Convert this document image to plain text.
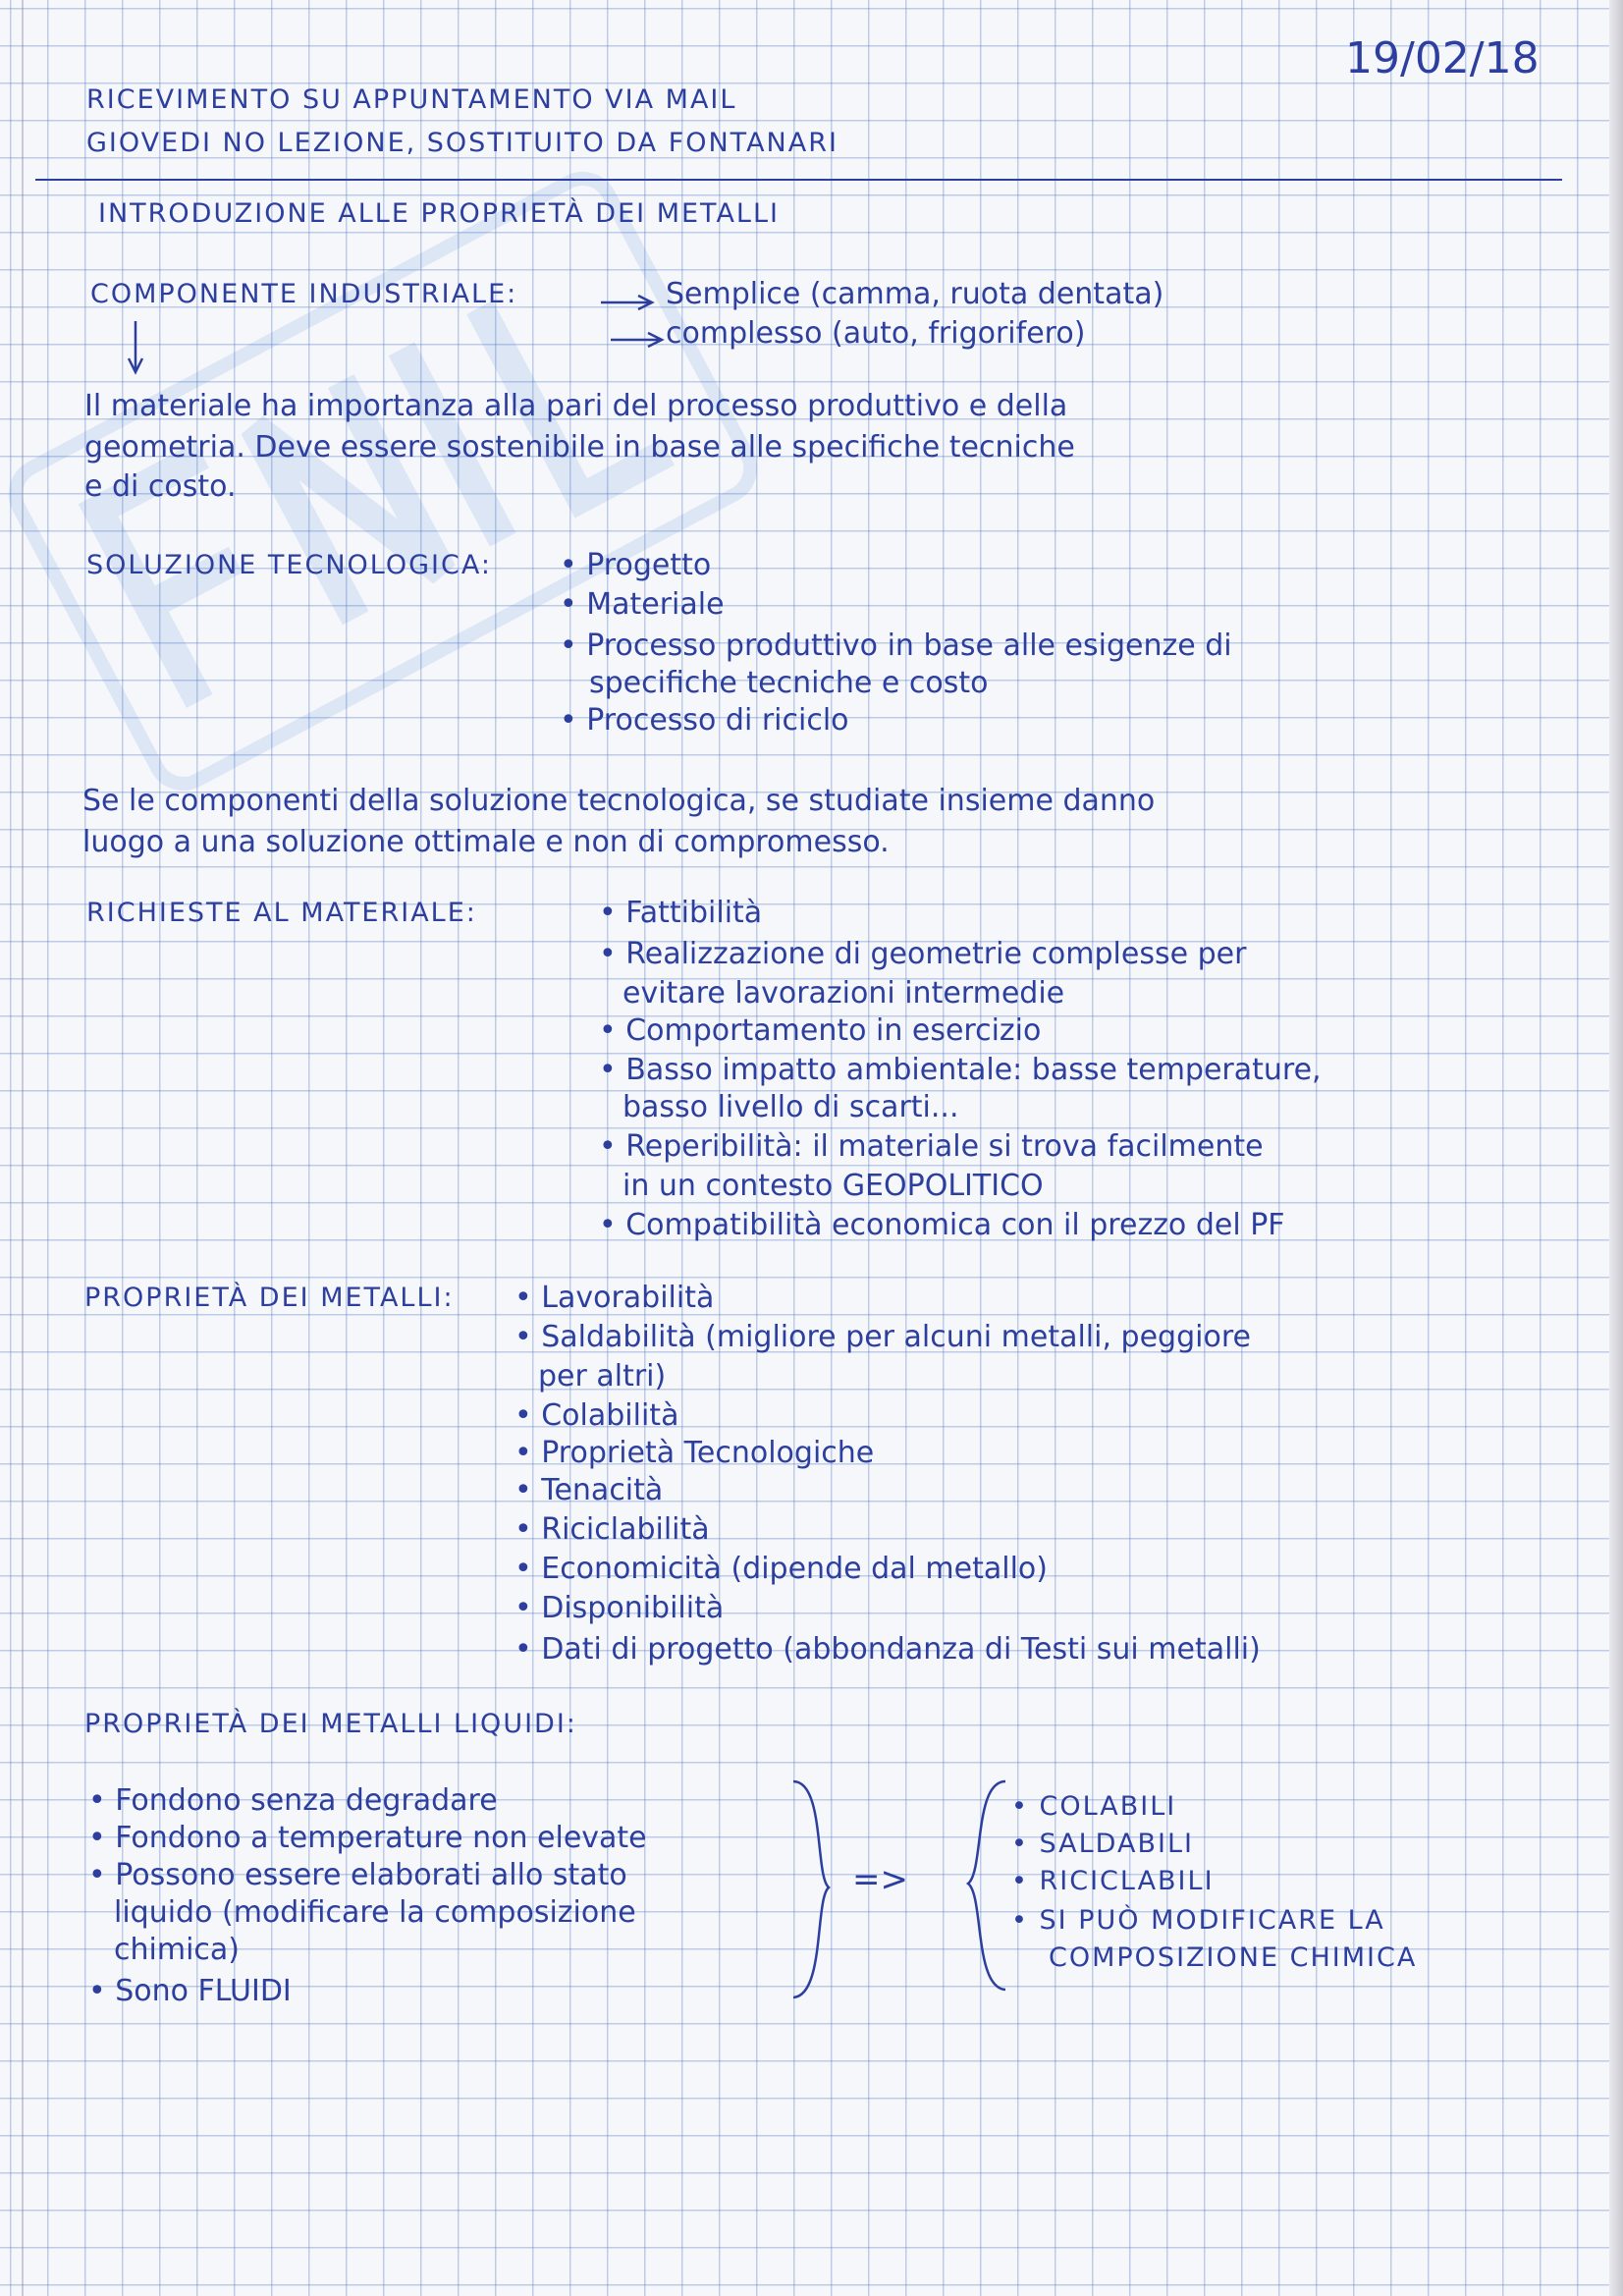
19/02/18
RICEVIMENTO SU APPUNTAMENTO VIA MAIL
GIOVEDI NO LEZIONE, SOSTITUITO DA FONTANARI
INTRODUZIONE ALLE PROPRIETÀ DEI METALLI
COMPONENTE INDUSTRIALE:	Semplice (camma, ruota dentata)
complesso (auto, frigorifero)
Il materiale ha importanza alla pari del processo produttivo e della
geometria. Deve essere sostenibile in base alle specifiche tecniche
e di costo.
SOLUZIONE TECNOLOGICA: • Progetto
• Materiale
• Processo produttivo in base alle esigenze di
specifiche tecniche e costo
• Processo di riciclo
Se le componenti della soluzione tecnologica, se studiate insieme danno
luogo a una soluzione ottimale e non di compromesso.
RICHIESTE AL MATERIALE:	• Fattibilità
• Realizzazione di geometrie complesse per
evitare lavorazioni intermedie
• Comportamento in esercizio
• Basso impatto ambientale: basse temperature,
basso livello di scarti...
• Reperibilità: il materiale si trova facilmente
in un contesto GEOPOLITICO
• Compatibilità economica con il prezzo del PF
PROPRIETÀ DEI METALLI: • Lavorabilità
• Saldabilità (migliore per alcuni metalli, peggiore
per altri)
• Colabilità
• Proprietà Tecnologiche
• Tenacità
• Riciclabilità
• Economicità (dipende dal metallo)
• Disponibilità
• Dati di progetto (abbondanza di Testi sui metalli)
PROPRIETÀ DEI METALLI LIQUIDI:
• Fondono senza degradare
• Fondono a temperature non elevate
• Possono essere elaborati allo stato
liquido (modificare la composizione
chimica)
• Sono FLUIDI
=>
• COLABILI
• SALDABILI
• RICICLABILI
• SI PUÒ MODIFICARE LA
COMPOSIZIONE CHIMICA
